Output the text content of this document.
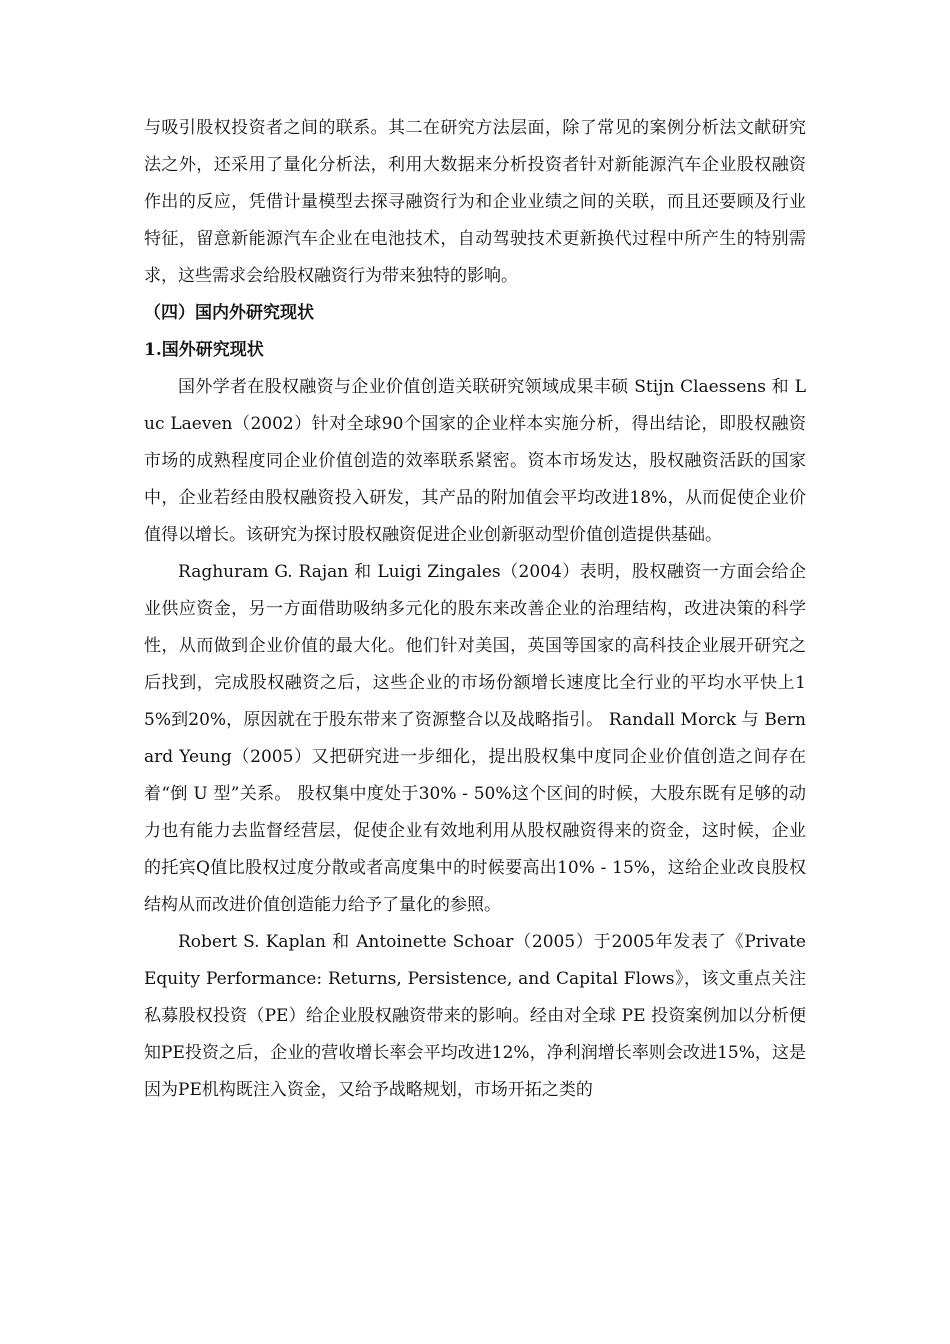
与吸引股权投资者之间的联系。其二在研究方法层面，除了常见的案例分析法文献研究法之外，还采用了量化分析法，利用大数据来分析投资者针对新能源汽车企业股权融资作出的反应，凭借计量模型去探寻融资行为和企业业绩之间的关联，而且还要顾及行业特征，留意新能源汽车企业在电池技术，自动驾驶技术更新换代过程中所产生的特别需求，这些需求会给股权融资行为带来独特的影响。

（四）国内外研究现状

1.国外研究现状

国外学者在股权融资与企业价值创造关联研究领域成果丰硕 Stijn Claessens 和 Luc Laeven（2002）针对全球90个国家的企业样本实施分析，得出结论，即股权融资市场的成熟程度同企业价值创造的效率联系紧密。资本市场发达，股权融资活跃的国家中，企业若经由股权融资投入研发，其产品的附加值会平均改进18%，从而促使企业价值得以增长。该研究为探讨股权融资促进企业创新驱动型价值创造提供基础。

Raghuram G. Rajan 和 Luigi Zingales（2004）表明，股权融资一方面会给企业供应资金，另一方面借助吸纳多元化的股东来改善企业的治理结构，改进决策的科学性，从而做到企业价值的最大化。他们针对美国，英国等国家的高科技企业展开研究之后找到，完成股权融资之后，这些企业的市场份额增长速度比全行业的平均水平快上15%到20%，原因就在于股东带来了资源整合以及战略指引。 Randall Morck 与 Bernard Yeung（2005）又把研究进一步细化，提出股权集中度同企业价值创造之间存在着“倒 U 型”关系。 股权集中度处于30% - 50%这个区间的时候，大股东既有足够的动力也有能力去监督经营层，促使企业有效地利用从股权融资得来的资金，这时候，企业的托宾Q值比股权过度分散或者高度集中的时候要高出10% - 15%，这给企业改良股权结构从而改进价值创造能力给予了量化的参照。

Robert S. Kaplan 和 Antoinette Schoar（2005）于2005年发表了《Private Equity Performance: Returns, Persistence, and Capital Flows》，该文重点关注私募股权投资（PE）给企业股权融资带来的影响。经由对全球 PE 投资案例加以分析便知PE投资之后，企业的营收增长率会平均改进12%，净利润增长率则会改进15%，这是因为PE机构既注入资金，又给予战略规划，市场开拓之类的
